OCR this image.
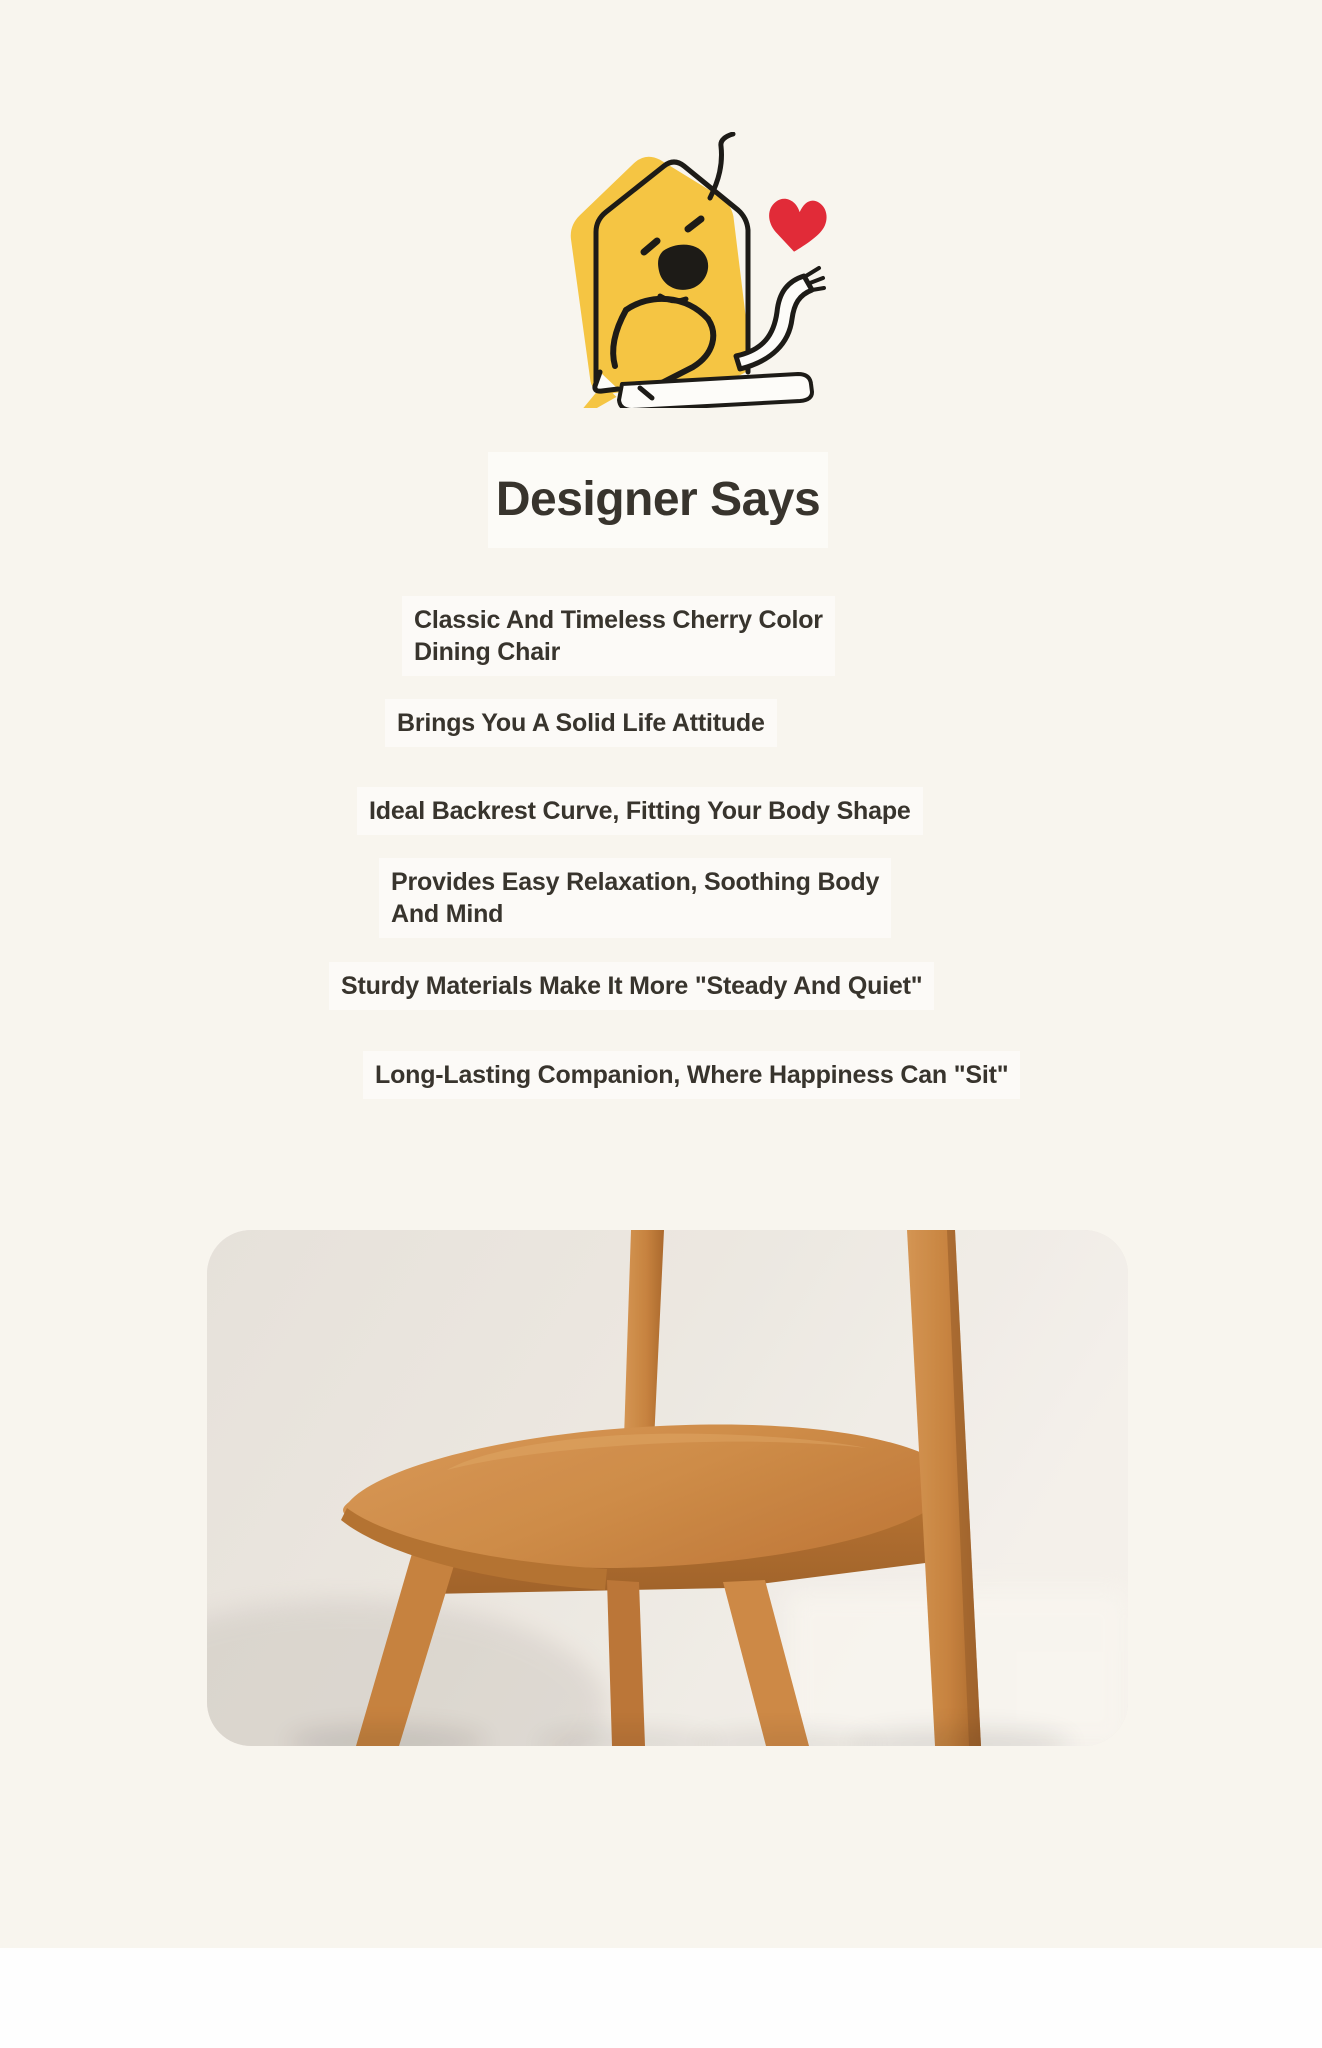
Designer Says
Classic And Timeless Cherry Color
Dining Chair
Brings You A Solid Life Attitude
Ideal Backrest Curve, Fitting Your Body Shape
Provides Easy Relaxation, Soothing Body
And Mind
Sturdy Materials Make It More "Steady And Quiet"
Long-Lasting Companion, Where Happiness Can "Sit"
